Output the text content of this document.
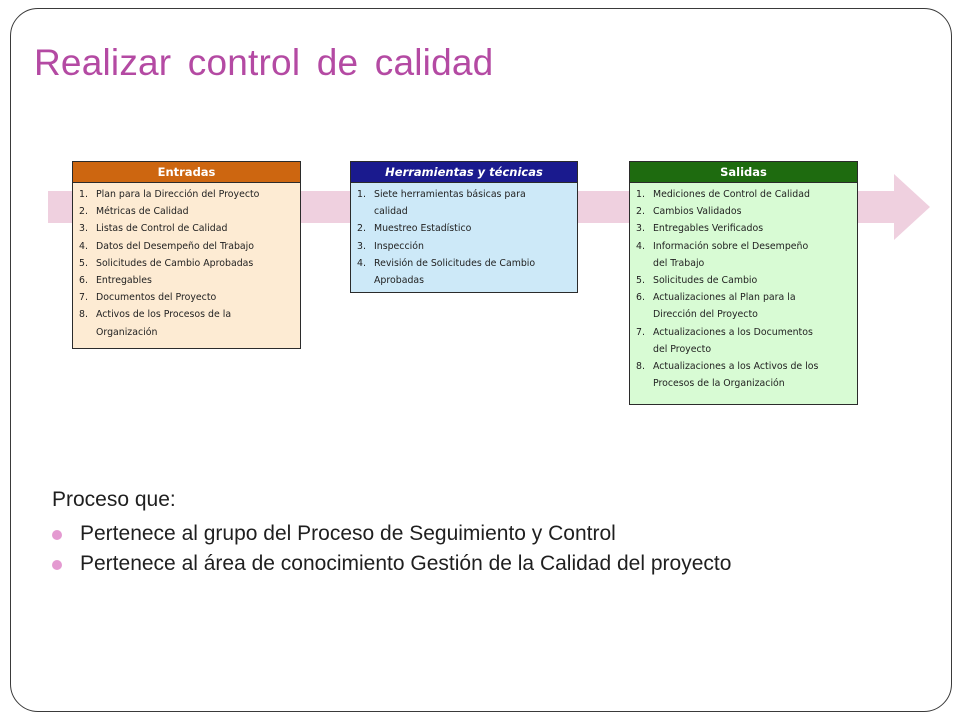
Realizar control de calidad
Entradas
1. Plan para la Dirección del Proyecto
2. Métricas de Calidad
3. Listas de Control de Calidad
4. Datos del Desempeño del Trabajo
5. Solicitudes de Cambio Aprobadas
6. Entregables
7. Documentos del Proyecto
8. Activos de los Procesos de la
Organización
Herramientas y técnicas
1. Siete herramientas básicas para
calidad
2. Muestreo Estadístico
3. Inspección
4. Revisión de Solicitudes de Cambio
Aprobadas
Salidas
1. Mediciones de Control de Calidad
2. Cambios Validados
3. Entregables Verificados
4. Información sobre el Desempeño
del Trabajo
5. Solicitudes de Cambio
6. Actualizaciones al Plan para la
Dirección del Proyecto
7. Actualizaciones a los Documentos
del Proyecto
8. Actualizaciones a los Activos de los
Procesos de la Organización

Proceso que:

Pertenece al grupo del Proceso de Seguimiento y Control
Pertenece al área de conocimiento Gestión de la Calidad del proyecto
